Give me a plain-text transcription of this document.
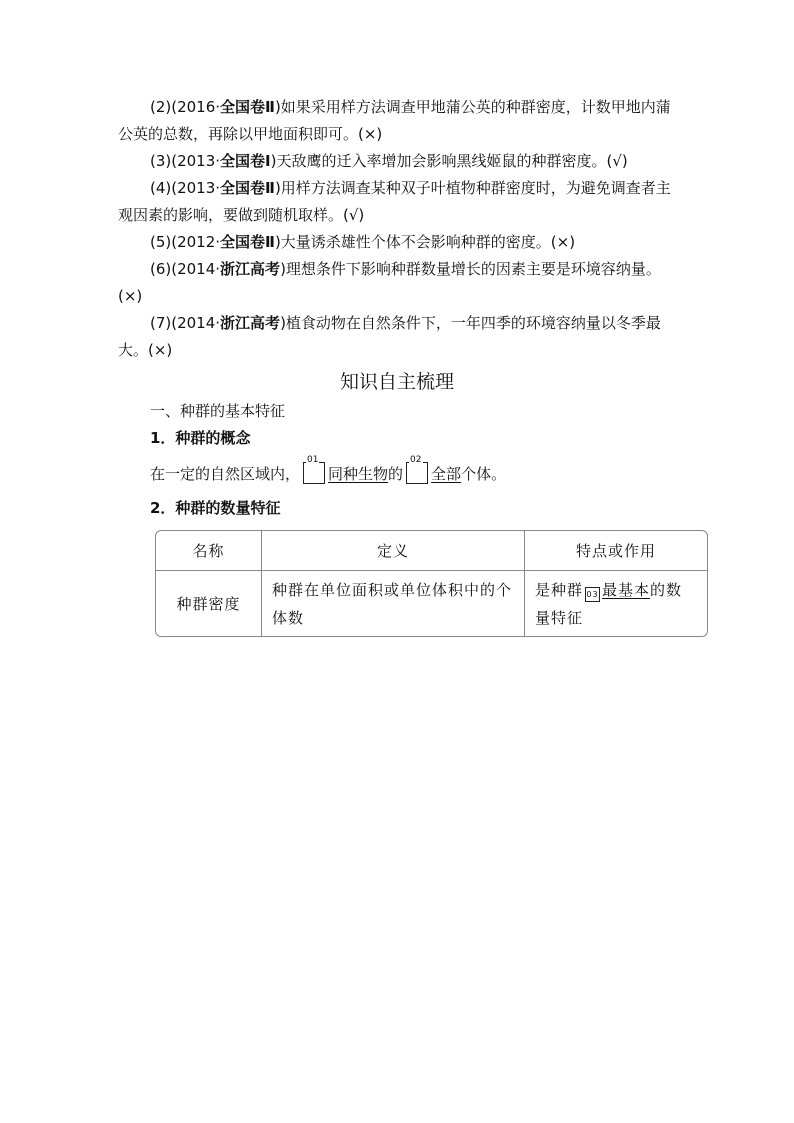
(2)(2016·全国卷Ⅱ)如果采用样方法调查甲地蒲公英的种群密度，计数甲地内蒲公英的总数，再除以甲地面积即可。(×)

(3)(2013·全国卷Ⅰ)天敌鹰的迁入率增加会影响黑线姬鼠的种群密度。(√)

(4)(2013·全国卷Ⅱ)用样方法调查某种双子叶植物种群密度时，为避免调查者主观因素的影响，要做到随机取样。(√)

(5)(2012·全国卷Ⅱ)大量诱杀雄性个体不会影响种群的密度。(×)

(6)(2014·浙江高考)理想条件下影响种群数量增长的因素主要是环境容纳量。(×)

(7)(2014·浙江高考)植食动物在自然条件下，一年四季的环境容纳量以冬季最大。(×)

知识自主梳理
一、种群的基本特征
1．种群的概念
在一定的自然区域内，
01
同种生物的
02
全部个体。
2．种群的数量特征
名称	定义	特点或作用
种群密度	种群在单位面积或单位体积中的个体数	是种群 03 最基本的数量特征
